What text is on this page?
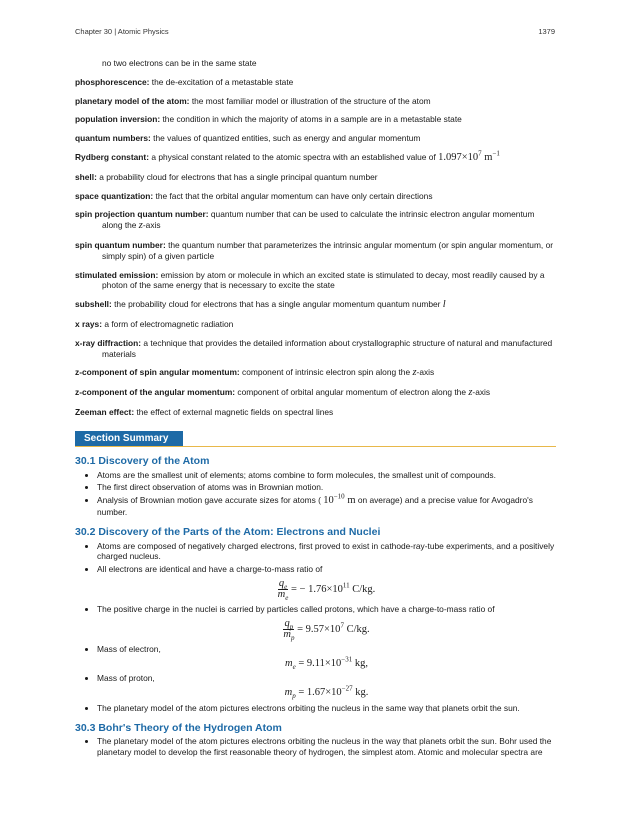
Chapter 30 | Atomic Physics	1379

no two electrons can be in the same state

phosphorescence: the de-excitation of a metastable state

planetary model of the atom: the most familiar model or illustration of the structure of the atom

population inversion: the condition in which the majority of atoms in a sample are in a metastable state

quantum numbers: the values of quantized entities, such as energy and angular momentum

Rydberg constant: a physical constant related to the atomic spectra with an established value of $1.097\times 10^7$ $m^{-1}$

shell: a probability cloud for electrons that has a single principal quantum number

space quantization: the fact that the orbital angular momentum can have only certain directions

spin projection quantum number: quantum number that can be used to calculate the intrinsic electron angular momentum along the z-axis

spin quantum number: the quantum number that parameterizes the intrinsic angular momentum (or spin angular momentum, or simply spin) of a given particle

stimulated emission: emission by atom or molecule in which an excited state is stimulated to decay, most readily caused by a photon of the same energy that is necessary to excite the state

subshell: the probability cloud for electrons that has a single angular momentum quantum number l

x rays: a form of electromagnetic radiation

x-ray diffraction: a technique that provides the detailed information about crystallographic structure of natural and manufactured materials

z-component of spin angular momentum: component of intrinsic electron spin along the z-axis

z-component of the angular momentum: component of orbital angular momentum of electron along the z-axis

Zeeman effect: the effect of external magnetic fields on spectral lines

Section Summary
30.1 Discovery of the Atom
• Atoms are the smallest unit of elements; atoms combine to form molecules, the smallest unit of compounds.
• The first direct observation of atoms was in Brownian motion.
• Analysis of Brownian motion gave accurate sizes for atoms ( $10^{-10}$ m on average) and a precise value for Avogadro's number.
30.2 Discovery of the Parts of the Atom: Electrons and Nuclei
• Atoms are composed of negatively charged electrons, first proved to exist in cathode-ray-tube experiments, and a positively charged nucleus.
• All electrons are identical and have a charge-to-mass ratio of
$\frac{q_e}{m_e}$ = − $1.76\times 10^{11}$ C/kg.
• The positive charge in the nuclei is carried by particles called protons, which have a charge-to-mass ratio of
$\frac{q_p}{m_p} = 9.57\times 10^7$ C/kg.
• Mass of electron,
$m_e = 9.11\times 10^{-31}$ kg,
• Mass of proton,
$m_p = 1.67\times 10^{-27}$ kg.
• The planetary model of the atom pictures electrons orbiting the nucleus in the same way that planets orbit the sun.
30.3 Bohr's Theory of the Hydrogen Atom
• The planetary model of the atom pictures electrons orbiting the nucleus in the way that planets orbit the sun. Bohr used the planetary model to develop the first reasonable theory of hydrogen, the simplest atom. Atomic and molecular spectra are
